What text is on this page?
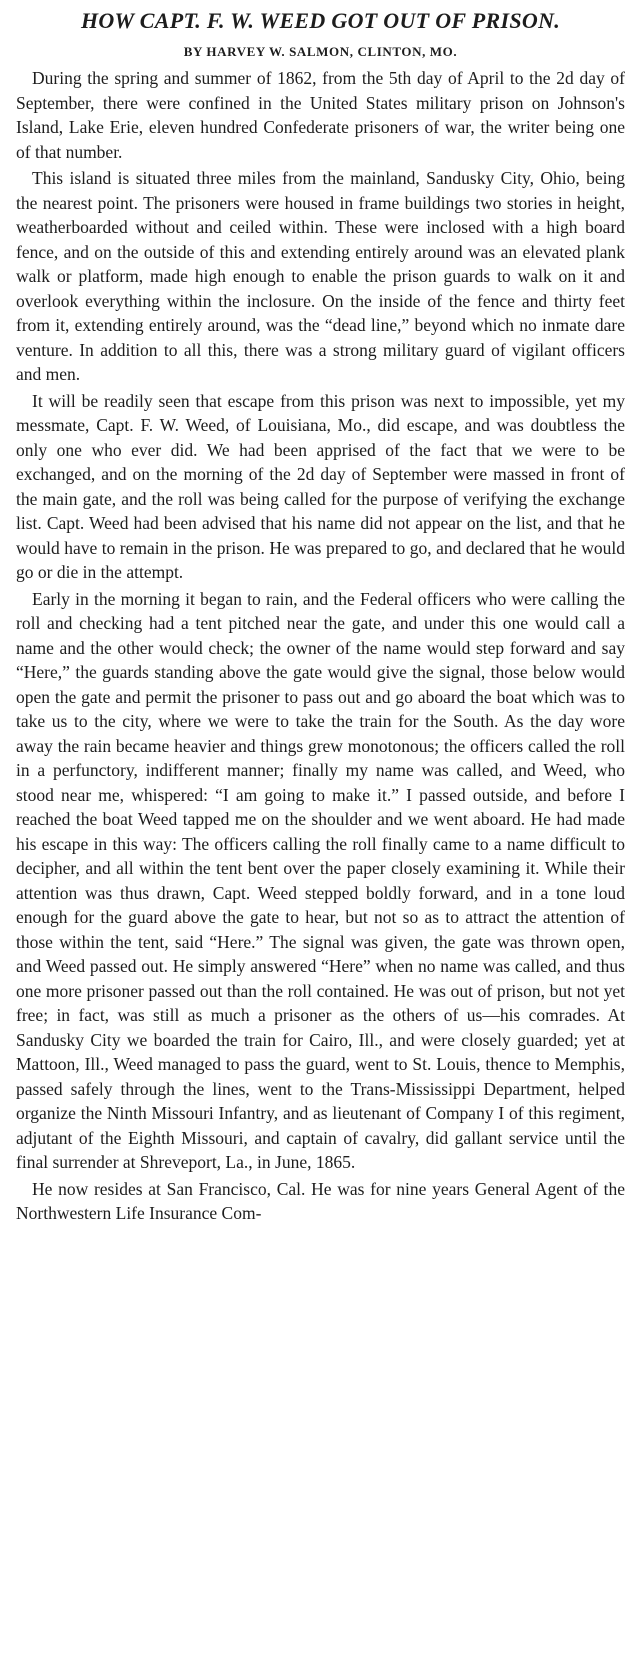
HOW CAPT. F. W. WEED GOT OUT OF PRISON.
BY HARVEY W. SALMON, CLINTON, MO.

During the spring and summer of 1862, from the 5th day of April to the 2d day of September, there were confined in the United States military prison on Johnson's Island, Lake Erie, eleven hundred Confederate prisoners of war, the writer being one of that number.

This island is situated three miles from the mainland, Sandusky City, Ohio, being the nearest point. The prisoners were housed in frame buildings two stories in height, weatherboarded without and ceiled within. These were inclosed with a high board fence, and on the outside of this and extending entirely around was an elevated plank walk or platform, made high enough to enable the prison guards to walk on it and overlook everything within the inclosure. On the inside of the fence and thirty feet from it, extending entirely around, was the “dead line,” beyond which no inmate dare venture. In addition to all this, there was a strong military guard of vigilant officers and men.

It will be readily seen that escape from this prison was next to impossible, yet my messmate, Capt. F. W. Weed, of Louisiana, Mo., did escape, and was doubtless the only one who ever did. We had been apprised of the fact that we were to be exchanged, and on the morning of the 2d day of September were massed in front of the main gate, and the roll was being called for the purpose of verifying the exchange list. Capt. Weed had been advised that his name did not appear on the list, and that he would have to remain in the prison. He was prepared to go, and declared that he would go or die in the attempt.

Early in the morning it began to rain, and the Federal officers who were calling the roll and checking had a tent pitched near the gate, and under this one would call a name and the other would check; the owner of the name would step forward and say “Here,” the guards standing above the gate would give the signal, those below would open the gate and permit the prisoner to pass out and go aboard the boat which was to take us to the city, where we were to take the train for the South. As the day wore away the rain became heavier and things grew monotonous; the officers called the roll in a perfunctory, indifferent manner; finally my name was called, and Weed, who stood near me, whispered: “I am going to make it.” I passed outside, and before I reached the boat Weed tapped me on the shoulder and we went aboard. He had made his escape in this way: The officers calling the roll finally came to a name difficult to decipher, and all within the tent bent over the paper closely examining it. While their attention was thus drawn, Capt. Weed stepped boldly forward, and in a tone loud enough for the guard above the gate to hear, but not so as to attract the attention of those within the tent, said “Here.” The signal was given, the gate was thrown open, and Weed passed out. He simply answered “Here” when no name was called, and thus one more prisoner passed out than the roll contained. He was out of prison, but not yet free; in fact, was still as much a prisoner as the others of us—his comrades. At Sandusky City we boarded the train for Cairo, Ill., and were closely guarded; yet at Mattoon, Ill., Weed managed to pass the guard, went to St. Louis, thence to Memphis, passed safely through the lines, went to the Trans-Mississippi Department, helped organize the Ninth Missouri Infantry, and as lieutenant of Company I of this regiment, adjutant of the Eighth Missouri, and captain of cavalry, did gallant service until the final surrender at Shreveport, La., in June, 1865.

He now resides at San Francisco, Cal. He was for nine years General Agent of the Northwestern Life Insurance Com-
